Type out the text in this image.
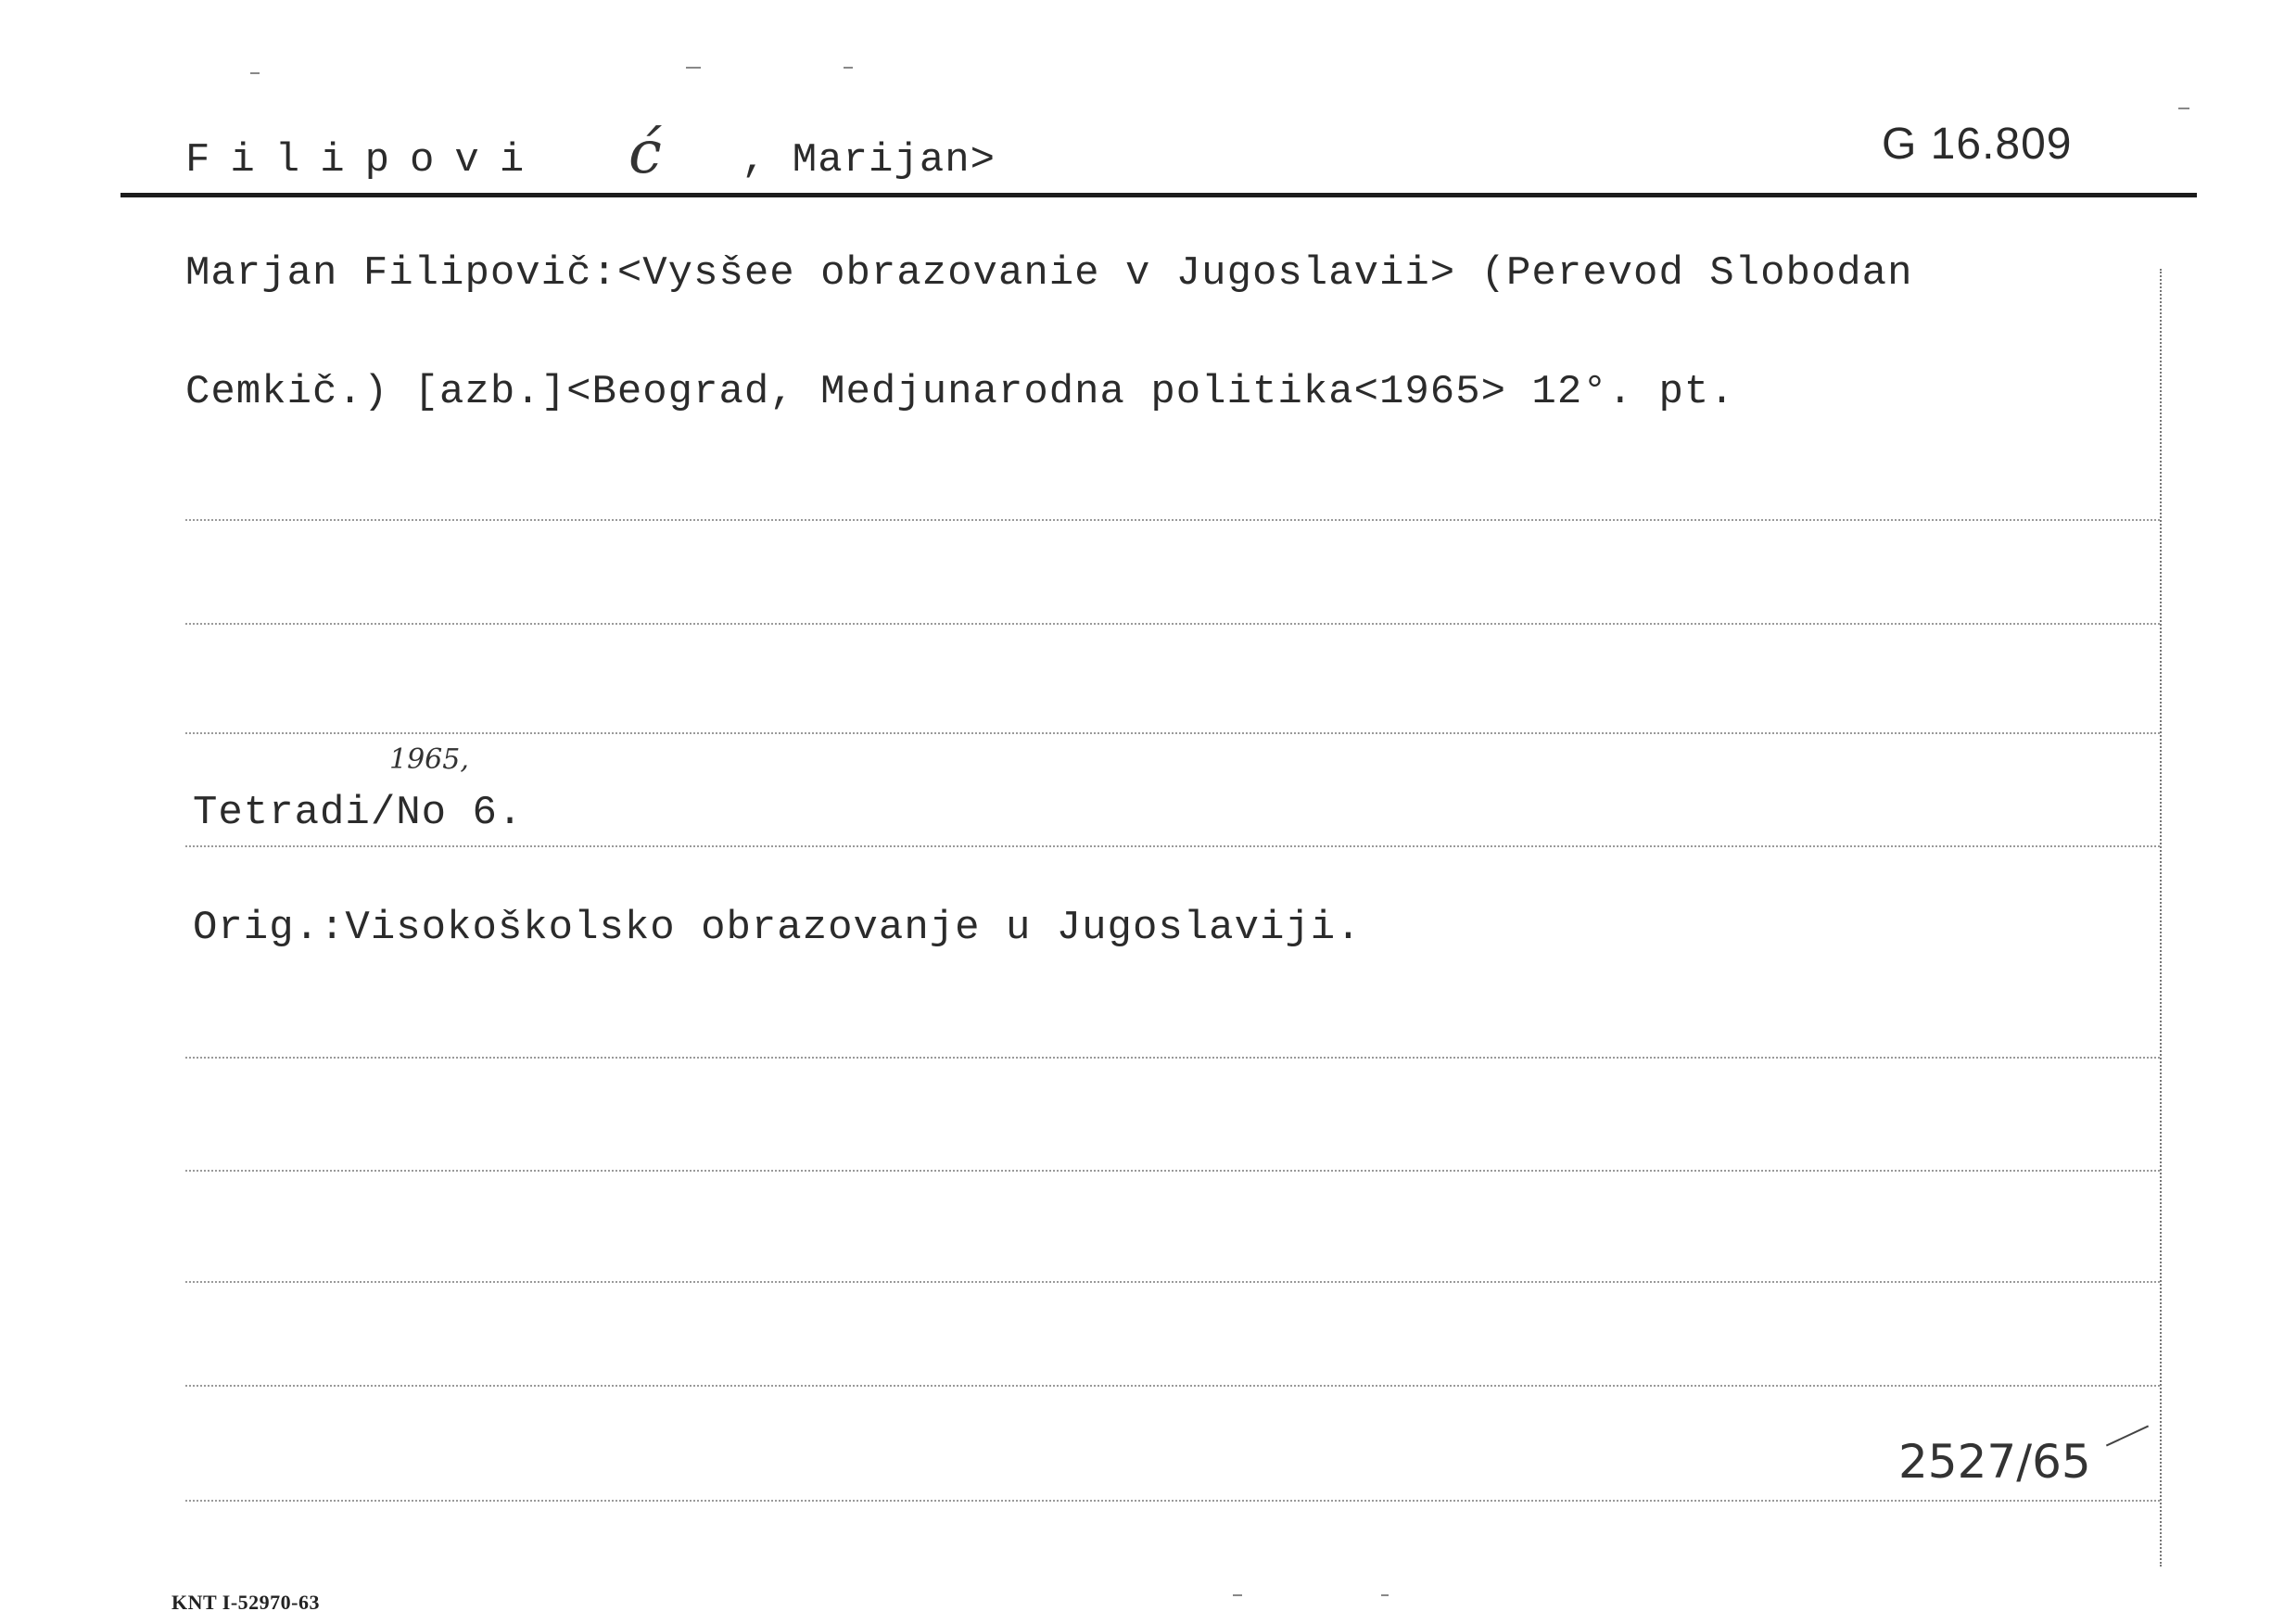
Filipovi ć , Marijan>	G 16.809
Marjan Filipovič:<Vysšee obrazovanie v Jugoslavii> (Perevod Slobodan
Cemkič.) [azb.]<Beograd, Medjunarodna politika<1965> 12°. pt.
1965,
Tetradi/No 6.
Orig.:Visokoškolsko obrazovanje u Jugoslaviji.
2527/65
KNT I-52970-63
